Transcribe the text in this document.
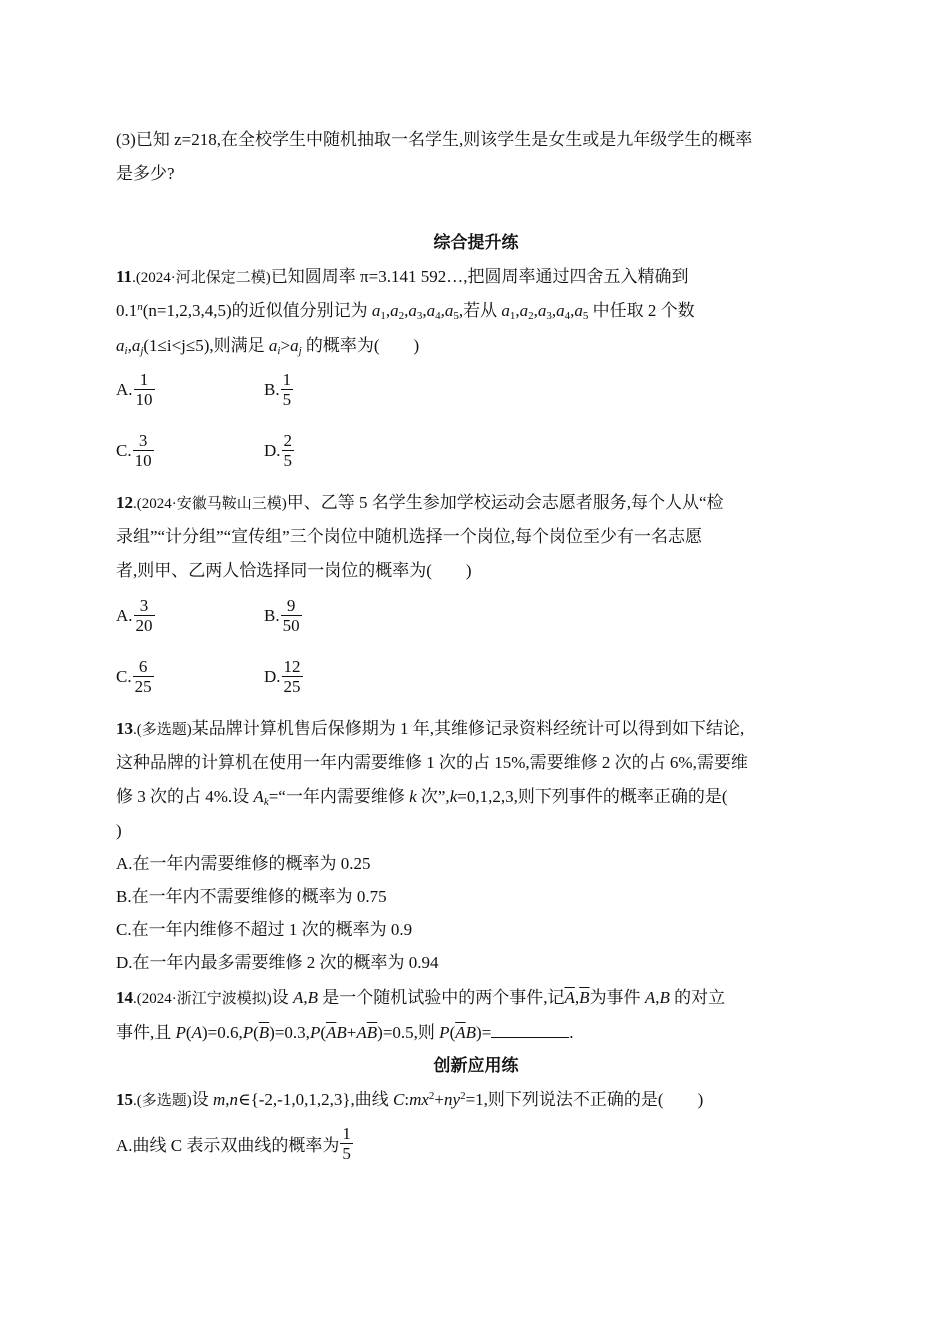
(3)已知 z=218,在全校学生中随机抽取一名学生,则该学生是女生或是九年级学生的概率
是多少?
综合提升练
11.(2024·河北保定二模)已知圆周率 π=3.141 592…,把圆周率通过四舍五入精确到
$0.1^n(n=1,2,3,4,5)$的近似值分别记为 $a_1,a_2,a_3,a_4,a_5$,若从 $a_1,a_2,a_3,a_4,a_5$ 中任取 2 个数
$a_i,a_j(1\le i<j\le 5)$,则满足 $a_i>a_j$ 的概率为( )
A. $\frac{1}{10}$	B. $\frac{1}{5}$
C. $\frac{3}{10}$	D. $\frac{2}{5}$
12.(2024·安徽马鞍山三模)甲、乙等 5 名学生参加学校运动会志愿者服务,每个人从“检
录组”“计分组”“宣传组”三个岗位中随机选择一个岗位,每个岗位至少有一名志愿
者,则甲、乙两人恰选择同一岗位的概率为( )
A. $\frac{3}{20}$	B. $\frac{9}{50}$
C. $\frac{6}{25}$	D. $\frac{12}{25}$
13.(多选题)某品牌计算机售后保修期为 1 年,其维修记录资料经统计可以得到如下结论,
这种品牌的计算机在使用一年内需要维修 1 次的占 15%,需要维修 2 次的占 6%,需要维
修 3 次的占 4%.设 $A_k=“$一年内需要维修 k 次”,k=0,1,2,3,则下列事件的概率正确的是(
)
A.在一年内需要维修的概率为 0.25
B.在一年内不需要维修的概率为 0.75
C.在一年内维修不超过 1 次的概率为 0.9
D.在一年内最多需要维修 2 次的概率为 0.94
14.(2024·浙江宁波模拟)设 A,B 是一个随机试验中的两个事件,记$\overline{A},\overline{B}$为事件 A,B 的对立
事件,且 $P(A)=0.6,P(\overline{B})=0.3,P(\overline{A}B+A\overline{B})=0.5$,则 $P(\overline{A}B)=$	.
创新应用练
15.(多选题)设 m,n∈{-2,-1,0,1,2,3},曲线 $C:mx^2+ny^2=1$,则下列说法不正确的是( )
A.曲线 C 表示双曲线的概率为 $\frac{1}{5}$
